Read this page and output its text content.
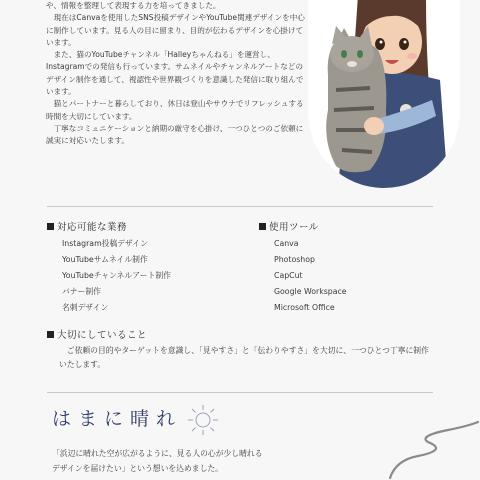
や、情報を整理して表現する力を培ってきました。

現在はCanvaを使用したSNS投稿デザインやYouTube関連デザインを中心に制作しています。見る人の目に留まり、目的が伝わるデザインを心掛けています。

また、猫のYouTubeチャンネル「Halleyちゃんねる」を運営し、Instagramでの発信も行っています。サムネイルやチャンネルアートなどのデザイン制作を通して、視認性や世界観づくりを意識した発信に取り組んでいます。

猫とパートナーと暮らしており、休日は登山やサウナでリフレッシュする時間を大切にしています。

丁寧なコミュニケーションと納期の厳守を心掛け、一つひとつのご依頼に誠実に対応いたします。

対応可能な業務
Instagram投稿デザイン
YouTubeサムネイル制作
YouTubeチャンネルアート制作
バナー制作
名刺デザイン
使用ツール
Canva
Photoshop
CapCut
Google Workspace
Microsoft Office
大切にしていること
ご依頼の目的やターゲットを意識し、「見やすさ」と「伝わりやすさ」を大切に、一つひとつ丁寧に制作いたします。
はまに晴れ
「浜辺に晴れた空が広がるように、見る人の心が少し晴れる
デザインを届けたい」という想いを込めました。
